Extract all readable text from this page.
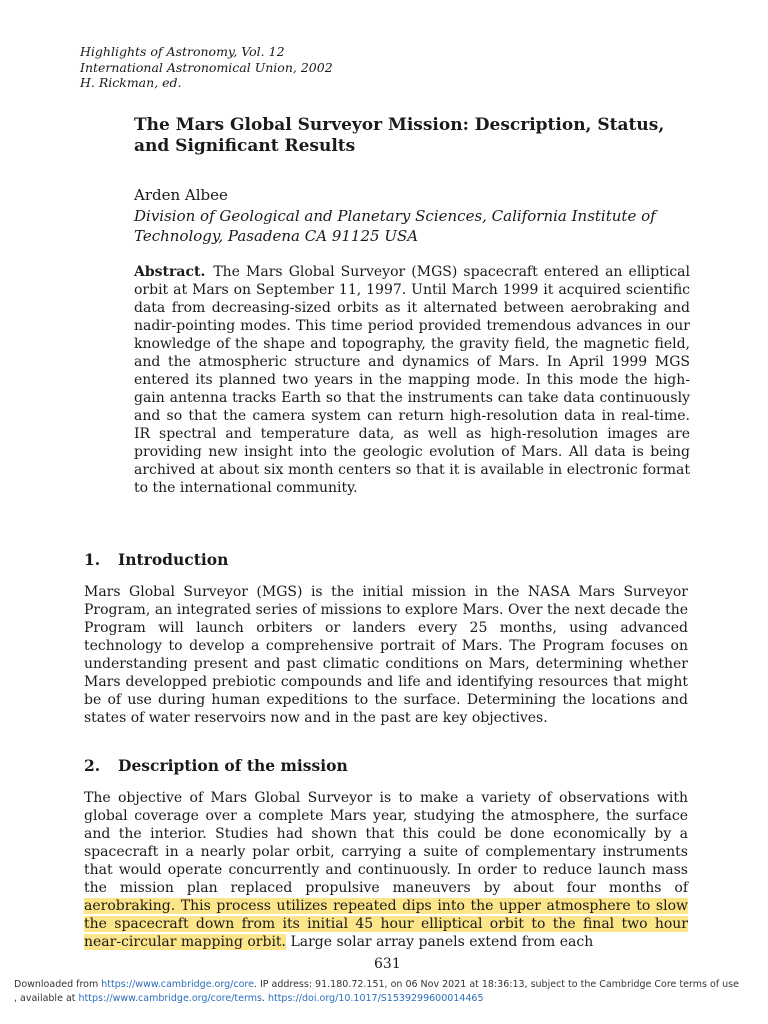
Highlights of Astronomy, Vol. 12
International Astronomical Union, 2002
H. Rickman, ed.
The Mars Global Surveyor Mission: Description, Status, and Significant Results
Arden Albee
Division of Geological and Planetary Sciences, California Institute of Technology, Pasadena CA 91125 USA
Abstract. The Mars Global Surveyor (MGS) spacecraft entered an elliptical orbit at Mars on September 11, 1997. Until March 1999 it acquired scientific data from decreasing-sized orbits as it alternated between aerobraking and nadir-pointing modes. This time period provided tremendous advances in our knowledge of the shape and topography, the gravity field, the magnetic field, and the atmospheric structure and dynamics of Mars. In April 1999 MGS entered its planned two years in the mapping mode. In this mode the high-gain antenna tracks Earth so that the instruments can take data continuously and so that the camera system can return high-resolution data in real-time. IR spectral and temperature data, as well as high-resolution images are providing new insight into the geologic evolution of Mars. All data is being archived at about six month centers so that it is available in electronic format to the international community.
1. Introduction
Mars Global Surveyor (MGS) is the initial mission in the NASA Mars Surveyor Program, an integrated series of missions to explore Mars. Over the next decade the Program will launch orbiters or landers every 25 months, using advanced technology to develop a comprehensive portrait of Mars. The Program focuses on understanding present and past climatic conditions on Mars, determining whether Mars developped prebiotic compounds and life and identifying resources that might be of use during human expeditions to the surface. Determining the locations and states of water reservoirs now and in the past are key objectives.
2. Description of the mission
The objective of Mars Global Surveyor is to make a variety of observations with global coverage over a complete Mars year, studying the atmosphere, the surface and the interior. Studies had shown that this could be done economically by a spacecraft in a nearly polar orbit, carrying a suite of complementary instruments that would operate concurrently and continuously. In order to reduce launch mass the mission plan replaced propulsive maneuvers by about four months of aerobraking. This process utilizes repeated dips into the upper atmosphere to slow the spacecraft down from its initial 45 hour elliptical orbit to the final two hour near-circular mapping orbit. Large solar array panels extend from each
631
Downloaded from https://www.cambridge.org/core. IP address: 91.180.72.151, on 06 Nov 2021 at 18:36:13, subject to the Cambridge Core terms of use
, available at https://www.cambridge.org/core/terms. https://doi.org/10.1017/S1539299600014465
